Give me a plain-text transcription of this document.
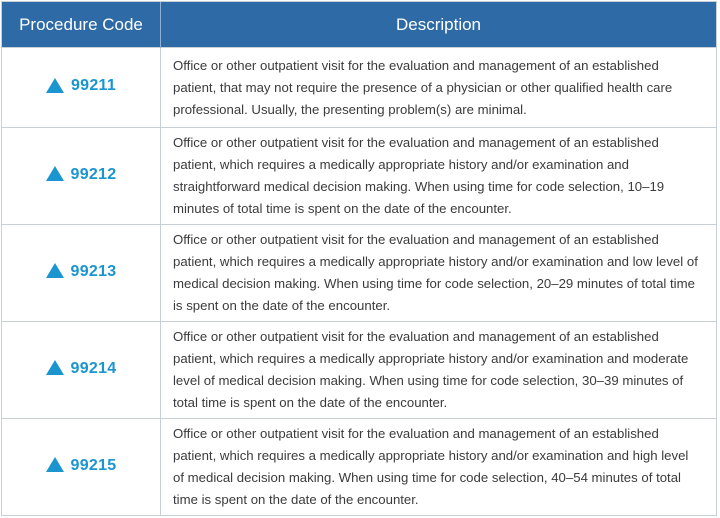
Procedure Code	Description

99211	Office or other outpatient visit for the evaluation and management of an established patient, that may not require the presence of a physician or other qualified health care professional. Usually, the presenting problem(s) are minimal.

99212	Office or other outpatient visit for the evaluation and management of an established patient, which requires a medically appropriate history and/or examination and straightforward medical decision making. When using time for code selection, 10–19 minutes of total time is spent on the date of the encounter.

99213	Office or other outpatient visit for the evaluation and management of an established patient, which requires a medically appropriate history and/or examination and low level of medical decision making. When using time for code selection, 20–29 minutes of total time is spent on the date of the encounter.

99214	Office or other outpatient visit for the evaluation and management of an established patient, which requires a medically appropriate history and/or examination and moderate level of medical decision making. When using time for code selection, 30–39 minutes of total time is spent on the date of the encounter.

99215	Office or other outpatient visit for the evaluation and management of an established patient, which requires a medically appropriate history and/or examination and high level of medical decision making. When using time for code selection, 40–54 minutes of total time is spent on the date of the encounter.
